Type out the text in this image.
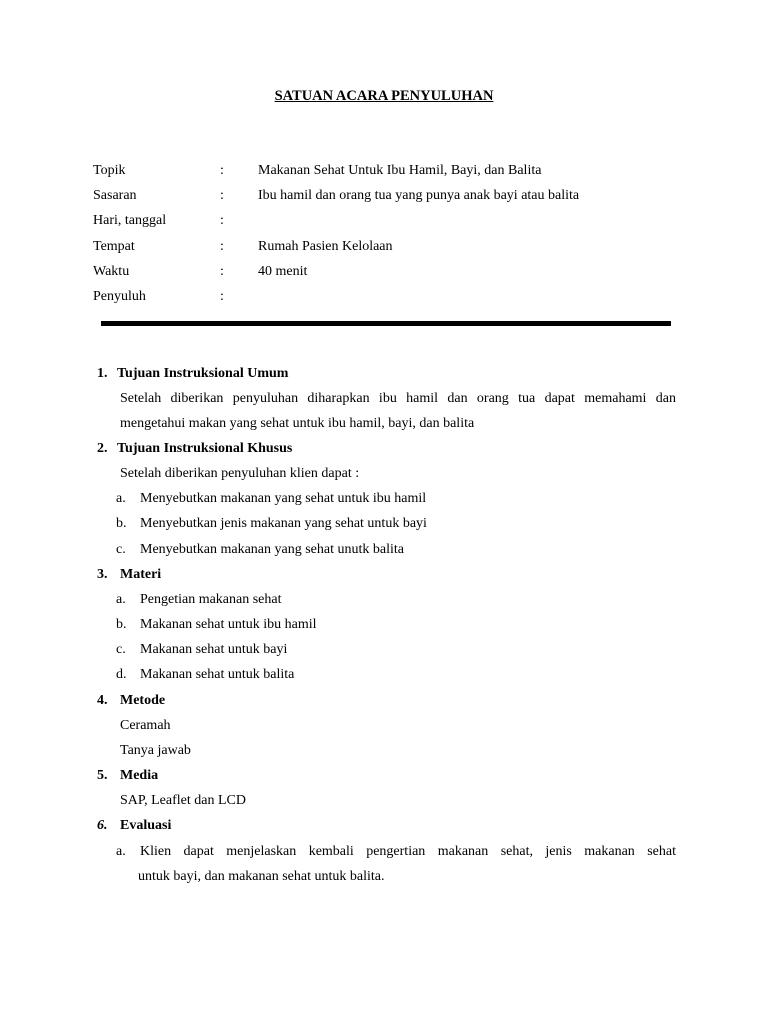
SATUAN ACARA PENYULUHAN
Topik	: Makanan Sehat Untuk Ibu Hamil, Bayi, dan Balita
Sasaran	: Ibu hamil dan orang tua yang punya anak bayi atau balita
Hari, tanggal	:
Tempat	: Rumah Pasien Kelolaan
Waktu	: 40 menit
Penyuluh	:
1. Tujuan Instruksional Umum
Setelah diberikan penyuluhan diharapkan ibu hamil dan orang tua dapat memahami dan
mengetahui makan yang sehat untuk ibu hamil, bayi, dan balita
2. Tujuan Instruksional Khusus
Setelah diberikan penyuluhan klien dapat :
a. Menyebutkan makanan yang sehat untuk ibu hamil
b. Menyebutkan jenis makanan yang sehat untuk bayi
c. Menyebutkan makanan yang sehat unutk balita
3. Materi
a. Pengetian makanan sehat
b. Makanan sehat untuk ibu hamil
c. Makanan sehat untuk bayi
d. Makanan sehat untuk balita
4. Metode
Ceramah
Tanya jawab
5. Media
SAP, Leaflet dan LCD
6. Evaluasi
a. Klien dapat menjelaskan kembali pengertian makanan sehat, jenis makanan sehat
untuk bayi, dan makanan sehat untuk balita.
